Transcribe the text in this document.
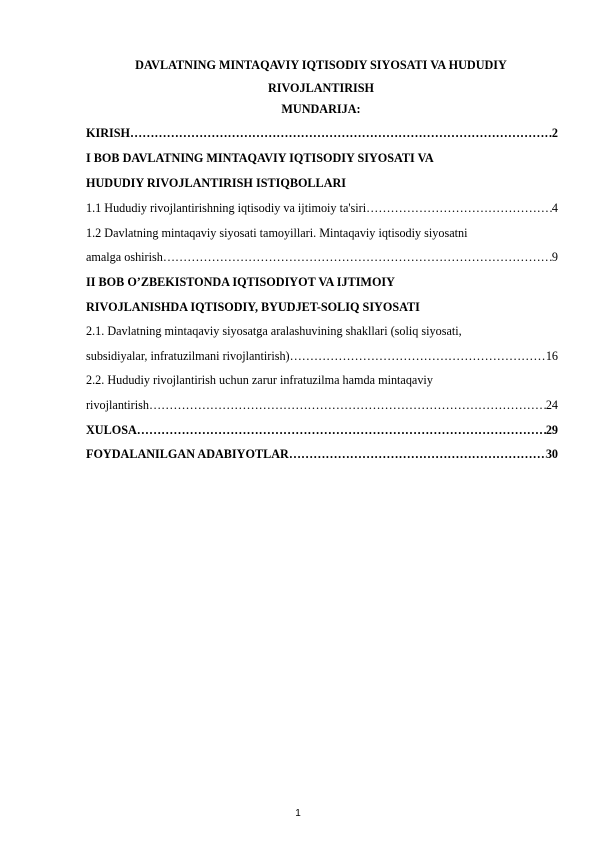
DAVLATNING MINTAQAVIY IQTISODIY SIYOSATI VA HUDUDIY
RIVOJLANTIRISH
MUNDARIJA:
KIRISH ……………………………………………………………………………………………………………………………………………………………	2
I BOB DAVLATNING MINTAQAVIY IQTISODIY SIYOSATI VA
HUDUDIY RIVOJLANTIRISH ISTIQBOLLARI
1.1 Hududiy rivojlantirishning iqtisodiy va ijtimoiy ta'siri ……………………………………………………………………………………………………………………………………………………………	4
1.2 Davlatning mintaqaviy siyosati tamoyillari. Mintaqaviy iqtisodiy siyosatni
amalga oshirish ……………………………………………………………………………………………………………………………………………………………	9
II BOB O’ZBEKISTONDA IQTISODIYOT VA IJTIMOIY
RIVOJLANISHDA IQTISODIY, BYUDJET-SOLIQ SIYOSATI
2.1. Davlatning mintaqaviy siyosatga aralashuvining shakllari (soliq siyosati,
subsidiyalar, infratuzilmani rivojlantirish) ……………………………………………………………………………………………………………………………………………………………	16
2.2. Hududiy rivojlantirish uchun zarur infratuzilma hamda mintaqaviy
rivojlantirish ……………………………………………………………………………………………………………………………………………………………	24
XULOSA ……………………………………………………………………………………………………………………………………………………………	29
FOYDALANILGAN ADABIYOTLAR ……………………………………………………………………………………………………………………………………………………………	30
1
